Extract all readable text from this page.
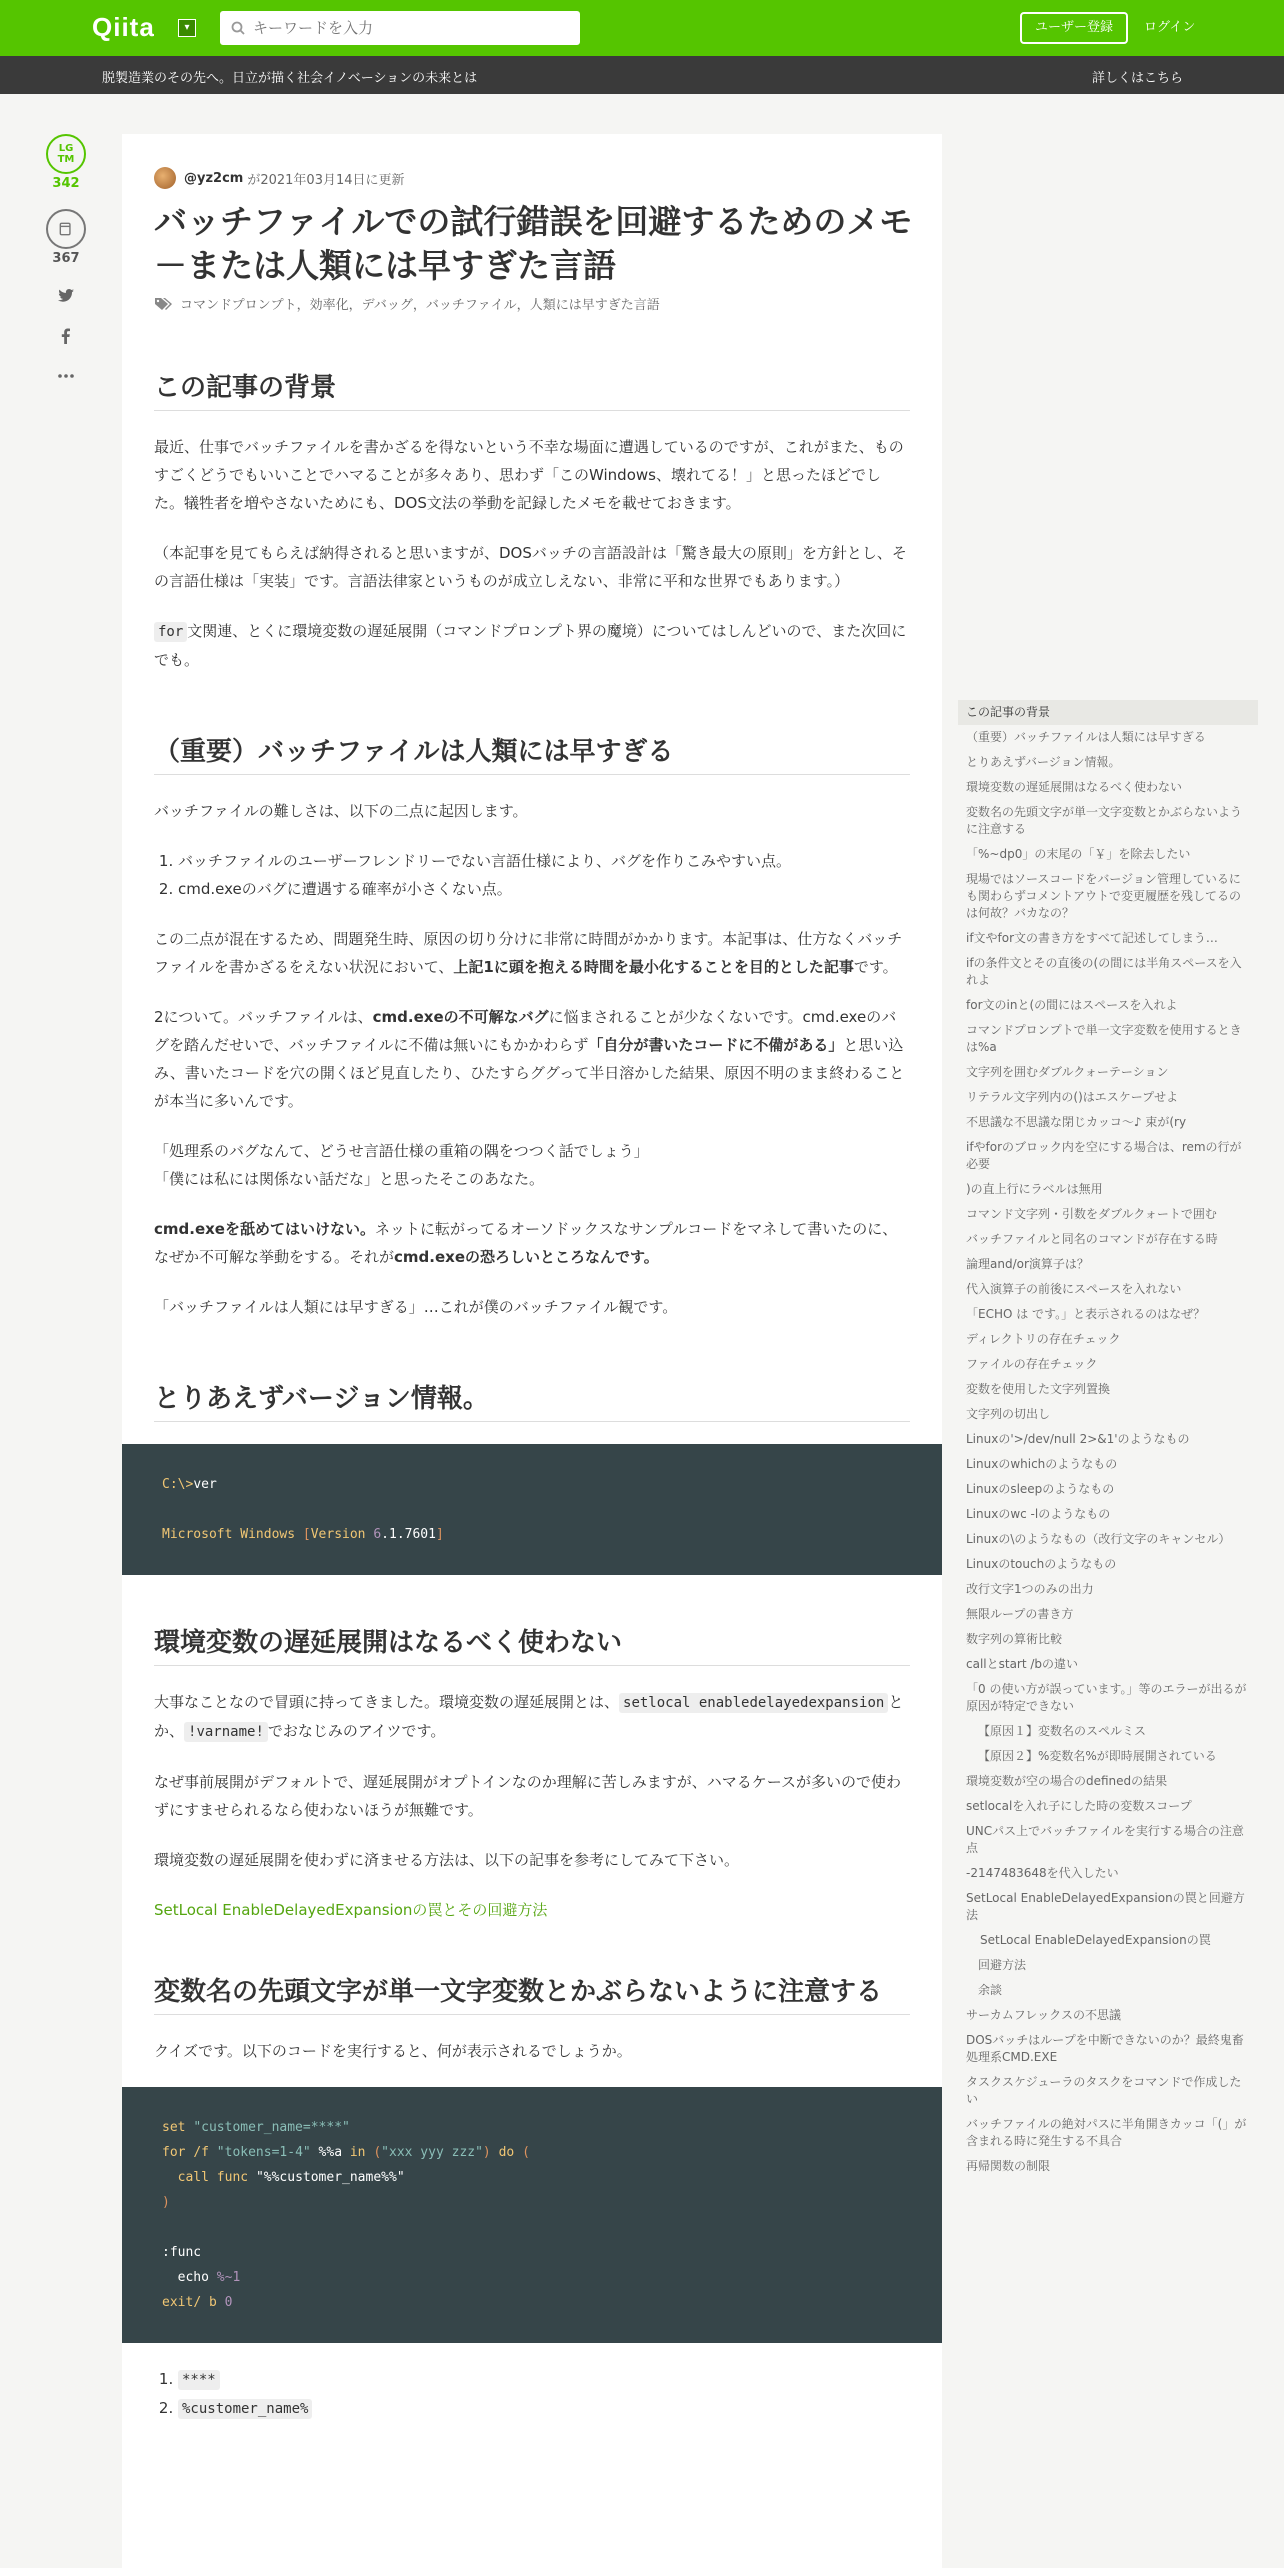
Qiita	▾
キーワードを入力	ユーザー登録	ログイン
脱製造業のその先へ。日立が描く社会イノベーションの未来とは	詳しくはこちら
LG
TM
342
367
@yz2cm が2021年03月14日に更新
バッチファイルでの試行錯誤を回避するためのメモ－または人類には早すぎた言語
コマンドプロンプト ， 効率化 ， デバッグ ， バッチファイル ， 人類には早すぎた言語
この記事の背景

最近、仕事でバッチファイルを書かざるを得ないという不幸な場面に遭遇しているのですが、これがまた、ものすごくどうでもいいことでハマることが多々あり、思わず「このWindows、壊れてる！」と思ったほどでした。犠牲者を増やさないためにも、DOS文法の挙動を記録したメモを載せておきます。

（本記事を見てもらえば納得されると思いますが、DOSバッチの言語設計は「驚き最大の原則」を方針とし、その言語仕様は「実装」です。言語法律家というものが成立しえない、非常に平和な世界でもあります。）

for 文関連、とくに環境変数の遅延展開（コマンドプロンプト界の魔境）についてはしんどいので、また次回にでも。

（重要）バッチファイルは人類には早すぎる

バッチファイルの難しさは、以下の二点に起因します。

1. バッチファイルのユーザーフレンドリーでない言語仕様により、バグを作りこみやすい点。
2. cmd.exeのバグに遭遇する確率が小さくない点。

この二点が混在するため、問題発生時、原因の切り分けに非常に時間がかかります。本記事は、仕方なくバッチファイルを書かざるをえない状況において、上記1に頭を抱える時間を最小化することを目的とした記事です。

2について。バッチファイルは、cmd.exeの不可解なバグに悩まされることが少なくないです。cmd.exeのバグを踏んだせいで、バッチファイルに不備は無いにもかかわらず「自分が書いたコードに不備がある」と思い込み、書いたコードを穴の開くほど見直したり、ひたすらググって半日溶かした結果、原因不明のまま終わることが本当に多いんです。

「処理系のバグなんて、どうせ言語仕様の重箱の隅をつつく話でしょう」
「僕には私には関係ない話だな」と思ったそこのあなた。

cmd.exeを舐めてはいけない。ネットに転がってるオーソドックスなサンプルコードをマネして書いたのに、なぜか不可解な挙動をする。それがcmd.exeの恐ろしいところなんです。

「バッチファイルは人類には早すぎる」…これが僕のバッチファイル観です。

とりあえずバージョン情報。
C:\>ver

Microsoft Windows [Version 6.1.7601]
環境変数の遅延展開はなるべく使わない

大事なことなので冒頭に持ってきました。環境変数の遅延展開とは、 setlocal enabledelayedexpansion とか、 !varname! でおなじみのアイツです。

なぜ事前展開がデフォルトで、遅延展開がオプトインなのか理解に苦しみますが、ハマるケースが多いので使わずにすませられるなら使わないほうが無難です。

環境変数の遅延展開を使わずに済ませる方法は、以下の記事を参考にしてみて下さい。

SetLocal EnableDelayedExpansionの罠とその回避方法

変数名の先頭文字が単一文字変数とかぶらないように注意する

クイズです。以下のコードを実行すると、何が表示されるでしょうか。

set "customer_name=****"
for /f "tokens=1-4" %%a in ("xxx yyy zzz") do (
call func "%%customer_name%%"
)

:func
echo %~1
exit/ b 0
1. ****
2. %customer_name%
この記事の背景
（重要）バッチファイルは人類には早すぎる
とりあえずバージョン情報。
環境変数の遅延展開はなるべく使わない
変数名の先頭文字が単一文字変数とかぶらないように注意する
「%~dp0」の末尾の「￥」を除去したい
現場ではソースコードをバージョン管理しているにも関わらずコメントアウトで変更履歴を残してるのは何故？バカなの？
if文やfor文の書き方をすべて記述してしまう…
ifの条件文とその直後の(の間には半角スペースを入れよ
for文のinと(の間にはスペースを入れよ
コマンドプロンプトで単一文字変数を使用するときは%a
文字列を囲むダブルクォーテーション
リテラル文字列内の()はエスケープせよ
不思議な不思議な閉じカッコ～♪ 束が(ry
ifやforのブロック内を空にする場合は、remの行が必要
)の直上行にラベルは無用
コマンド文字列・引数をダブルクォートで囲む
バッチファイルと同名のコマンドが存在する時
論理and/or演算子は？
代入演算子の前後にスペースを入れない
「ECHO は です。」と表示されるのはなぜ？
ディレクトリの存在チェック
ファイルの存在チェック
変数を使用した文字列置換
文字列の切出し
Linuxの'>/dev/null 2>&1'のようなもの
Linuxのwhichのようなもの
Linuxのsleepのようなもの
Linuxのwc -lのようなもの
Linuxの\のようなもの（改行文字のキャンセル）
Linuxのtouchのようなもの
改行文字1つのみの出力
無限ループの書き方
数字列の算術比較
callとstart /bの違い
「0 の使い方が誤っています。」等のエラーが出るが原因が特定できない
【原因１】変数名のスペルミス
【原因２】%変数名%が即時展開されている
環境変数が空の場合のdefinedの結果
setlocalを入れ子にした時の変数スコープ
UNCパス上でバッチファイルを実行する場合の注意点
-2147483648を代入したい
SetLocal EnableDelayedExpansionの罠と回避方法
SetLocal EnableDelayedExpansionの罠
回避方法
余談
サーカムフレックスの不思議
DOSバッチはループを中断できないのか？最終鬼畜処理系CMD.EXE
タスクスケジューラのタスクをコマンドで作成したい
バッチファイルの絶対パスに半角開きカッコ「(」が含まれる時に発生する不具合
再帰関数の制限
